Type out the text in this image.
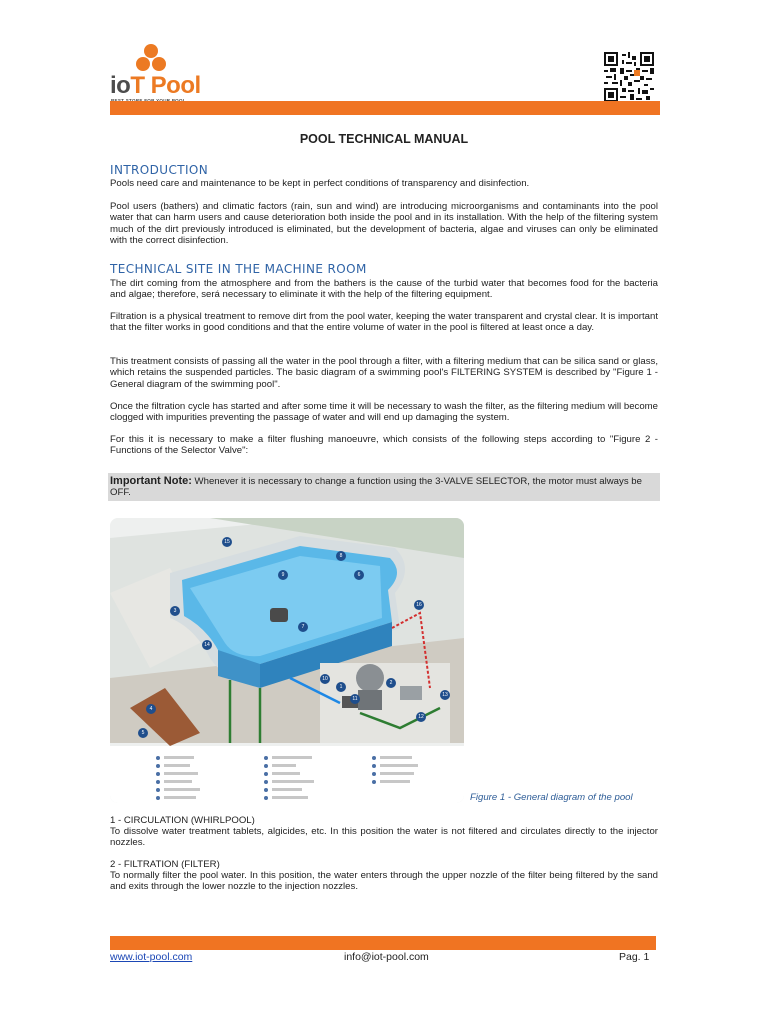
ioT Pool
POOL TECHNICAL MANUAL
INTRODUCTION
Pools need care and maintenance to be kept in perfect conditions of transparency and disinfection.
Pool users (bathers) and climatic factors (rain, sun and wind) are introducing microorganisms and contaminants into the pool water that can harm users and cause deterioration both inside the pool and in its installation. With the help of the filtering system much of the dirt previously introduced is eliminated, but the development of bacteria, algae and viruses can only be eliminated with the correct disinfection.
TECHNICAL SITE IN THE MACHINE ROOM
The dirt coming from the atmosphere and from the bathers is the cause of the turbid water that becomes food for the bacteria and algae; therefore, será necessary to eliminate it with the help of the filtering equipment.
Filtration is a physical treatment to remove dirt from the pool water, keeping the water transparent and crystal clear. It is important that the filter works in good conditions and that the entire volume of water in the pool is filtered at least once a day.
This treatment consists of passing all the water in the pool through a filter, with a filtering medium that can be silica sand or glass, which retains the suspended particles. The basic diagram of a swimming pool's FILTERING SYSTEM is described by "Figure 1 - General diagram of the swimming pool".
Once the filtration cycle has started and after some time it will be necessary to wash the filter, as the filtering medium will become clogged with impurities preventing the passage of water and will end up damaging the system.
For this it is necessary to make a filter flushing manoeuvre, which consists of the following steps according to "Figure 2 - Functions of the Selector Valve":
Important Note: Whenever it is necessary to change a function using the 3-VALVE SELECTOR, the motor must always be OFF.
15
8
9
3
7
6
16
14
10
1
2
11
12
13
4
5
Figure 1 - General diagram of the pool
1 - CIRCULATION (WHIRLPOOL)
To dissolve water treatment tablets, algicides, etc. In this position the water is not filtered and circulates directly to the injector nozzles.
2 - FILTRATION (FILTER)
To normally filter the pool water. In this position, the water enters through the upper nozzle of the filter being filtered by the sand and exits through the lower nozzle to the injection nozzles.
www.iot-pool.com	info@iot-pool.com	Pag. 1
